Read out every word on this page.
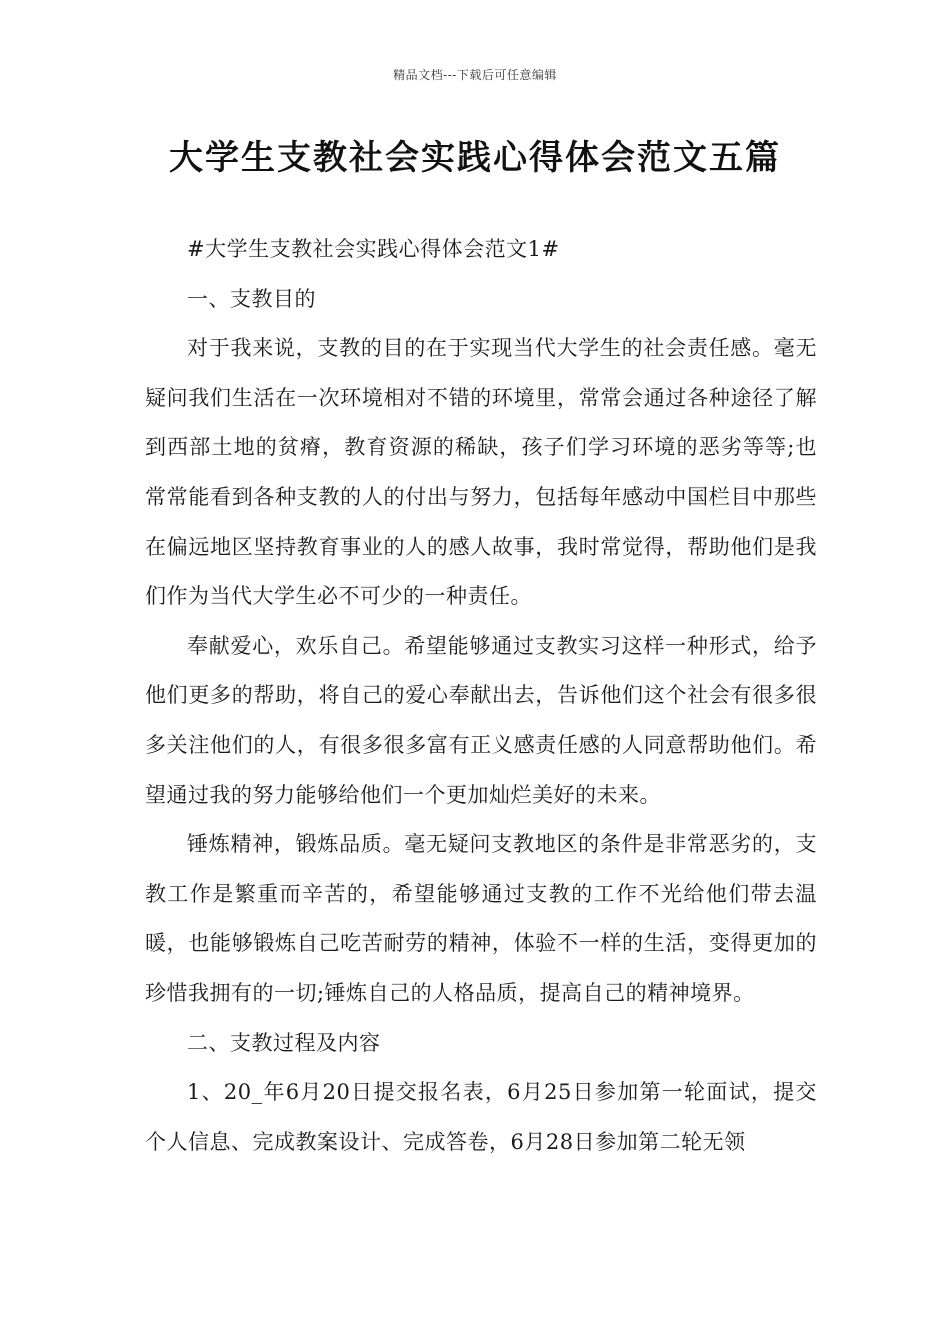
精品文档---下载后可任意编辑
大学生支教社会实践心得体会范文五篇

#大学生支教社会实践心得体会范文1#

一、支教目的

对于我来说，支教的目的在于实现当代大学生的社会责任感。毫无疑问我们生活在一次环境相对不错的环境里，常常会通过各种途径了解到西部土地的贫瘠，教育资源的稀缺，孩子们学习环境的恶劣等等;也常常能看到各种支教的人的付出与努力，包括每年感动中国栏目中那些在偏远地区坚持教育事业的人的感人故事，我时常觉得，帮助他们是我们作为当代大学生必不可少的一种责任。

奉献爱心，欢乐自己。希望能够通过支教实习这样一种形式，给予他们更多的帮助，将自己的爱心奉献出去，告诉他们这个社会有很多很多关注他们的人，有很多很多富有正义感责任感的人同意帮助他们。希望通过我的努力能够给他们一个更加灿烂美好的未来。

锤炼精神，锻炼品质。毫无疑问支教地区的条件是非常恶劣的，支教工作是繁重而辛苦的，希望能够通过支教的工作不光给他们带去温暖，也能够锻炼自己吃苦耐劳的精神，体验不一样的生活，变得更加的珍惜我拥有的一切;锤炼自己的人格品质，提高自己的精神境界。

二、支教过程及内容

1、20_年6月20日提交报名表，6月25日参加第一轮面试，提交个人信息、完成教案设计、完成答卷，6月28日参加第二轮无领
